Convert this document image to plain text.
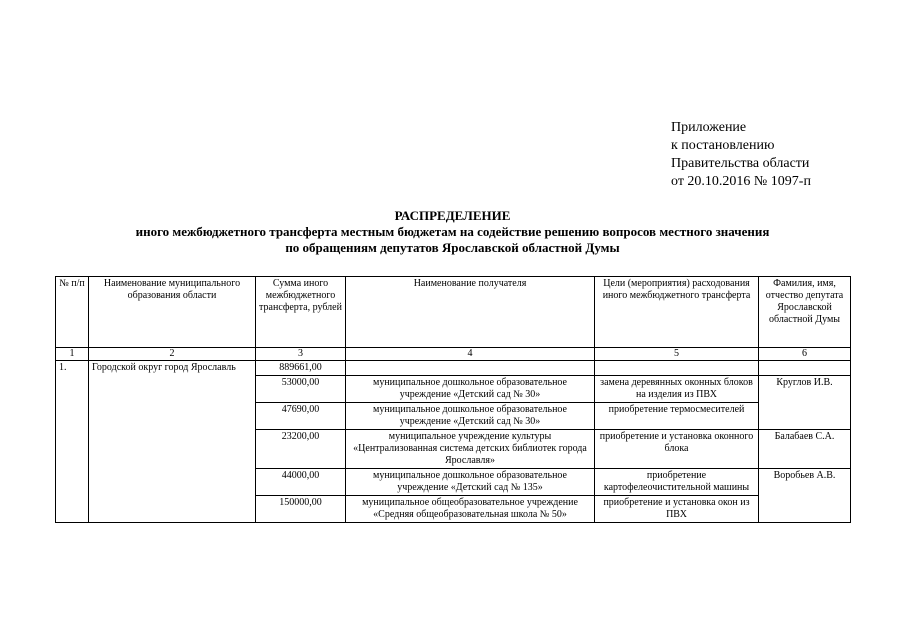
Приложение
к постановлению
Правительства области
от 20.10.2016 № 1097-п
РАСПРЕДЕЛЕНИЕ
иного межбюджетного трансферта местным бюджетам на содействие решению вопросов местного значения
по обращениям депутатов Ярославской областной Думы
№ п/п	Наименование муниципального образования области	Сумма иного межбюджетного трансферта, рублей	Наименование получателя	Цели (мероприятия) расходования иного межбюджетного трансферта	Фамилия, имя, отчество депутата Ярославской областной Думы
1	2	3	4	5	6
1.	Городской округ город Ярославль	889661,00			
		53000,00	муниципальное дошкольное образовательное учреждение «Детский сад № 30»	замена деревянных оконных блоков на изделия из ПВХ	Круглов И.В.
		47690,00	муниципальное дошкольное образовательное учреждение «Детский сад № 30»	приобретение термосмесителей	
		23200,00	муниципальное учреждение культуры «Централизованная система детских библиотек города Ярославля»	приобретение и установка оконного блока	Балабаев С.А.
		44000,00	муниципальное дошкольное образовательное учреждение «Детский сад № 135»	приобретение картофелеочистительной машины	Воробьев А.В.
		150000,00	муниципальное общеобразовательное учреждение «Средняя общеобразовательная школа № 50»	приобретение и установка окон из ПВХ	
